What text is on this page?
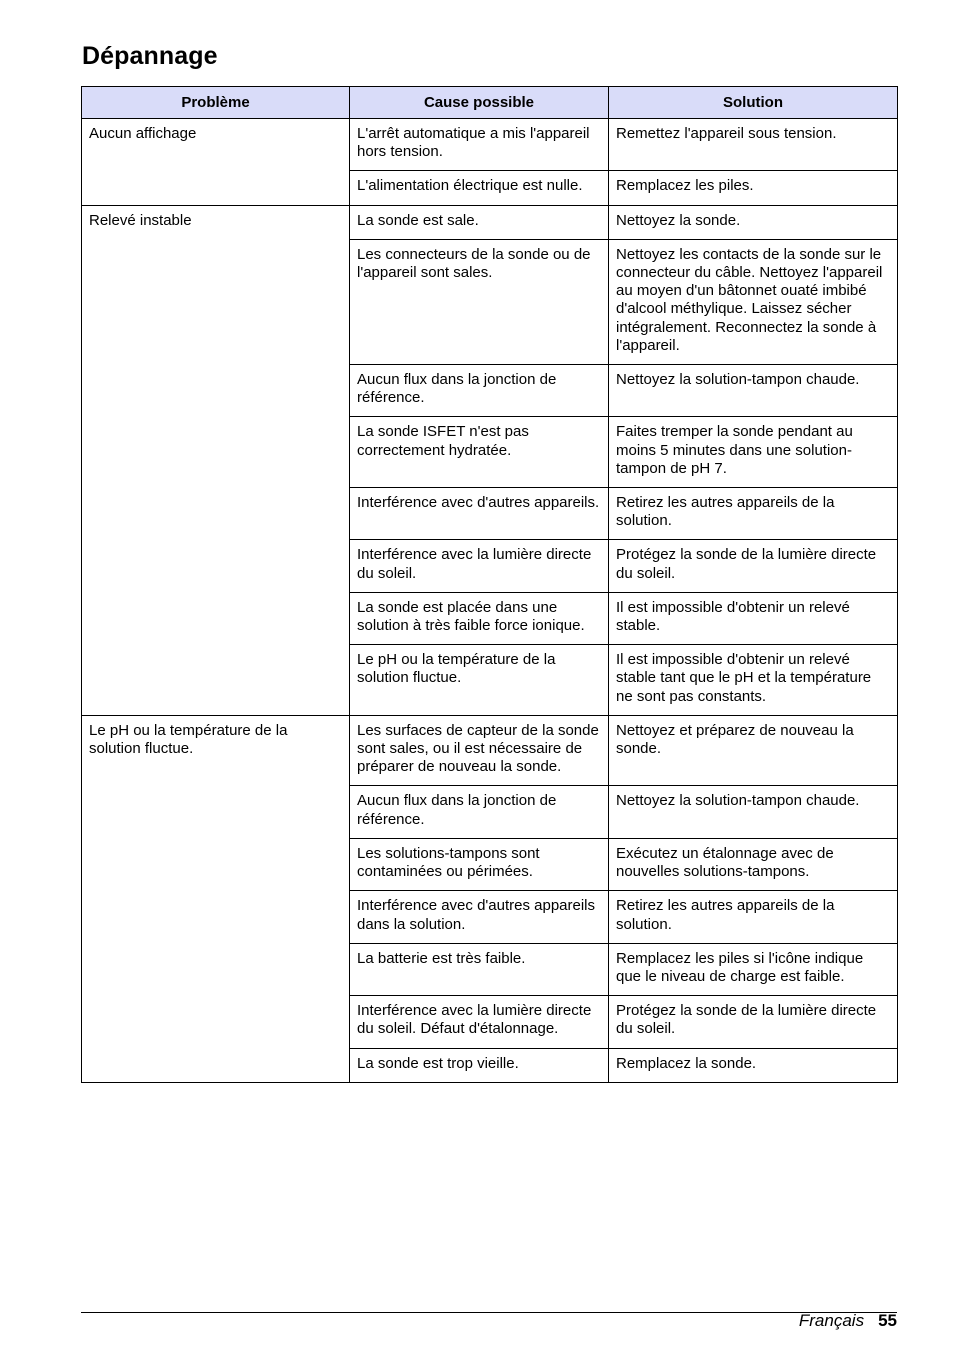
Dépannage
Problème	Cause possible	Solution
Aucun affichage	L'arrêt automatique a mis l'appareil hors tension.	Remettez l'appareil sous tension.
	L'alimentation électrique est nulle.	Remplacez les piles.
Relevé instable	La sonde est sale.	Nettoyez la sonde.
	Les connecteurs de la sonde ou de l'appareil sont sales.	Nettoyez les contacts de la sonde sur le connecteur du câble. Nettoyez l'appareil au moyen d'un bâtonnet ouaté imbibé d'alcool méthylique. Laissez sécher intégralement. Reconnectez la sonde à l'appareil.
	Aucun flux dans la jonction de référence.	Nettoyez la solution-tampon chaude.
	La sonde ISFET n'est pas correctement hydratée.	Faites tremper la sonde pendant au moins 5 minutes dans une solution-tampon de pH 7.
	Interférence avec d'autres appareils.	Retirez les autres appareils de la solution.
	Interférence avec la lumière directe du soleil.	Protégez la sonde de la lumière directe du soleil.
	La sonde est placée dans une solution à très faible force ionique.	Il est impossible d'obtenir un relevé stable.
	Le pH ou la température de la solution fluctue.	Il est impossible d'obtenir un relevé stable tant que le pH et la température ne sont pas constants.
Le pH ou la température de la solution fluctue.	Les surfaces de capteur de la sonde sont sales, ou il est nécessaire de préparer de nouveau la sonde.	Nettoyez et préparez de nouveau la sonde.
	Aucun flux dans la jonction de référence.	Nettoyez la solution-tampon chaude.
	Les solutions-tampons sont contaminées ou périmées.	Exécutez un étalonnage avec de nouvelles solutions-tampons.
	Interférence avec d'autres appareils dans la solution.	Retirez les autres appareils de la solution.
	La batterie est très faible.	Remplacez les piles si l'icône indique que le niveau de charge est faible.
	Interférence avec la lumière directe du soleil. Défaut d'étalonnage.	Protégez la sonde de la lumière directe du soleil.
	La sonde est trop vieille.	Remplacez la sonde.
Français 55
